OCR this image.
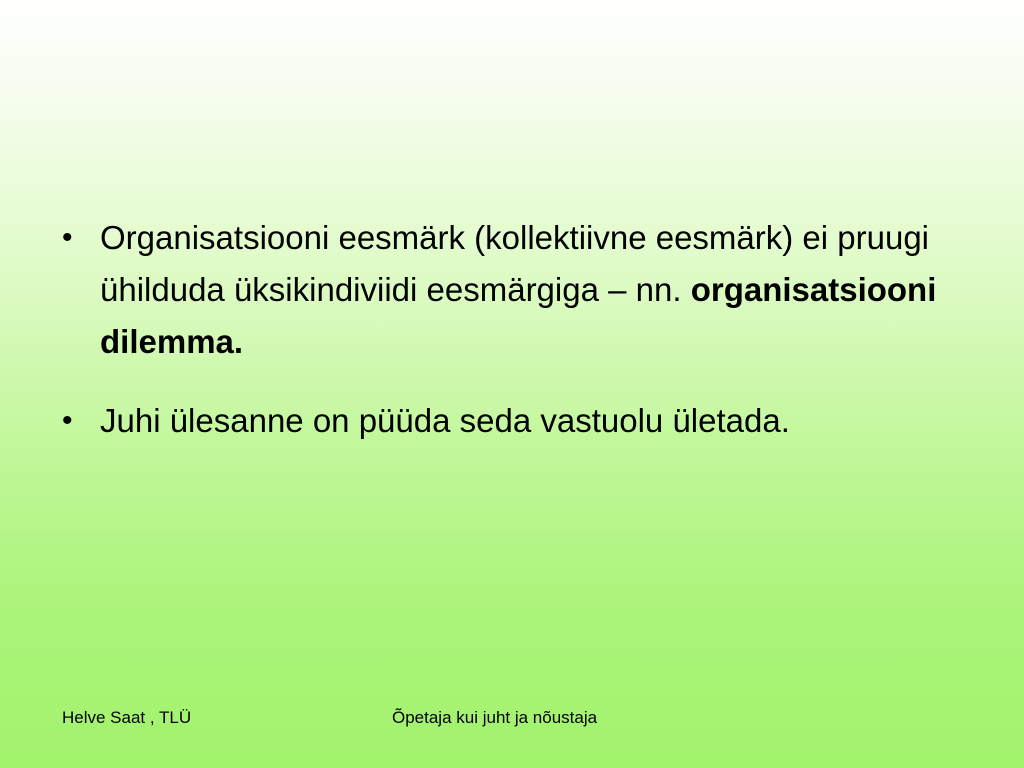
• Organisatsiooni eesmärk (kollektiivne eesmärk) ei pruugi ühilduda üksikindiviidi eesmärgiga – nn. organisatsiooni dilemma.
• Juhi ülesanne on püüda seda vastuolu ületada.
Helve Saat , TLÜ	Õpetaja kui juht ja nõustaja
